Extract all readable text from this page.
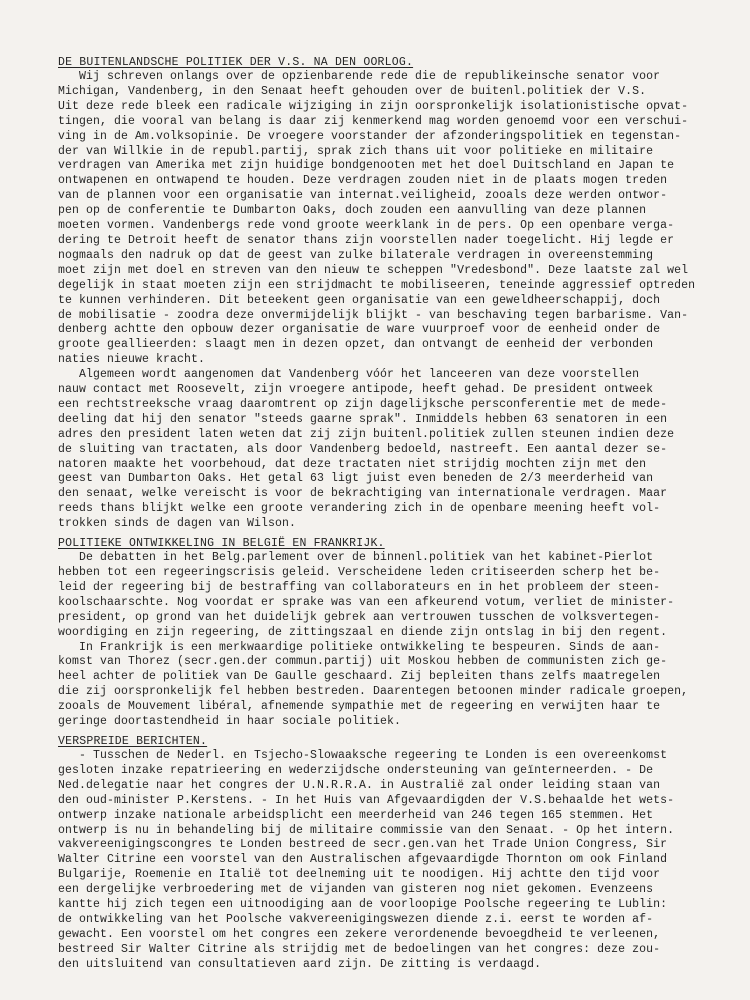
DE BUITENLANDSCHE POLITIEK DER V.S. NA DEN OORLOG.

Wij schreven onlangs over de opzienbarende rede die de republikeinsche senator voor

Michigan, Vandenberg, in den Senaat heeft gehouden over de buitenl.politiek der V.S.

Uit deze rede bleek een radicale wijziging in zijn oorspronkelijk isolationistische opvat-

tingen, die vooral van belang is daar zij kenmerkend mag worden genoemd voor een verschui-

ving in de Am.volksopinie. De vroegere voorstander der afzonderingspolitiek en tegenstan-

der van Willkie in de republ.partij, sprak zich thans uit voor politieke en militaire

verdragen van Amerika met zijn huidige bondgenooten met het doel Duitschland en Japan te

ontwapenen en ontwapend te houden. Deze verdragen zouden niet in de plaats mogen treden

van de plannen voor een organisatie van internat.veiligheid, zooals deze werden ontwor-

pen op de conferentie te Dumbarton Oaks, doch zouden een aanvulling van deze plannen

moeten vormen. Vandenbergs rede vond groote weerklank in de pers. Op een openbare verga-

dering te Detroit heeft de senator thans zijn voorstellen nader toegelicht. Hij legde er

nogmaals den nadruk op dat de geest van zulke bilaterale verdragen in overeenstemming

moet zijn met doel en streven van den nieuw te scheppen "Vredesbond". Deze laatste zal wel

degelijk in staat moeten zijn een strijdmacht te mobiliseeren, teneinde aggressief optreden

te kunnen verhinderen. Dit beteekent geen organisatie van een geweldheerschappij, doch

de mobilisatie - zoodra deze onvermijdelijk blijkt - van beschaving tegen barbarisme. Van-

denberg achtte den opbouw dezer organisatie de ware vuurproef voor de eenheid onder de

groote geallieerden: slaagt men in dezen opzet, dan ontvangt de eenheid der verbonden

naties nieuwe kracht.

Algemeen wordt aangenomen dat Vandenberg vóór het lanceeren van deze voorstellen

nauw contact met Roosevelt, zijn vroegere antipode, heeft gehad. De president ontweek

een rechtstreeksche vraag daaromtrent op zijn dagelijksche persconferentie met de mede-

deeling dat hij den senator "steeds gaarne sprak". Inmiddels hebben 63 senatoren in een

adres den president laten weten dat zij zijn buitenl.politiek zullen steunen indien deze

de sluiting van tractaten, als door Vandenberg bedoeld, nastreeft. Een aantal dezer se-

natoren maakte het voorbehoud, dat deze tractaten niet strijdig mochten zijn met den

geest van Dumbarton Oaks. Het getal 63 ligt juist even beneden de 2/3 meerderheid van

den senaat, welke vereischt is voor de bekrachtiging van internationale verdragen. Maar

reeds thans blijkt welke een groote verandering zich in de openbare meening heeft vol-

trokken sinds de dagen van Wilson.

POLITIEKE ONTWIKKELING IN BELGIË EN FRANKRIJK.

De debatten in het Belg.parlement over de binnenl.politiek van het kabinet-Pierlot

hebben tot een regeeringscrisis geleid. Verscheidene leden critiseerden scherp het be-

leid der regeering bij de bestraffing van collaborateurs en in het probleem der steen-

koolschaarschte. Nog voordat er sprake was van een afkeurend votum, verliet de minister-

president, op grond van het duidelijk gebrek aan vertrouwen tusschen de volksvertegen-

woordiging en zijn regeering, de zittingszaal en diende zijn ontslag in bij den regent.

In Frankrijk is een merkwaardige politieke ontwikkeling te bespeuren. Sinds de aan-

komst van Thorez (secr.gen.der commun.partij) uit Moskou hebben de communisten zich ge-

heel achter de politiek van De Gaulle geschaard. Zij bepleiten thans zelfs maatregelen

die zij oorspronkelijk fel hebben bestreden. Daarentegen betoonen minder radicale groepen,

zooals de Mouvement libéral, afnemende sympathie met de regeering en verwijten haar te

geringe doortastendheid in haar sociale politiek.

VERSPREIDE BERICHTEN.

- Tusschen de Nederl. en Tsjecho-Slowaaksche regeering te Londen is een overeenkomst

gesloten inzake repatrieering en wederzijdsche ondersteuning van geïnterneerden. - De

Ned.delegatie naar het congres der U.N.R.R.A. in Australië zal onder leiding staan van

den oud-minister P.Kerstens. - In het Huis van Afgevaardigden der V.S.behaalde het wets-

ontwerp inzake nationale arbeidsplicht een meerderheid van 246 tegen 165 stemmen. Het

ontwerp is nu in behandeling bij de militaire commissie van den Senaat. - Op het intern.

vakvereenigingscongres te Londen bestreed de secr.gen.van het Trade Union Congress, Sir

Walter Citrine een voorstel van den Australischen afgevaardigde Thornton om ook Finland

Bulgarije, Roemenie en Italië tot deelneming uit te noodigen. Hij achtte den tijd voor

een dergelijke verbroedering met de vijanden van gisteren nog niet gekomen. Evenzeens

kantte hij zich tegen een uitnoodiging aan de voorloopige Poolsche regeering te Lublin:

de ontwikkeling van het Poolsche vakvereenigingswezen diende z.i. eerst te worden af-

gewacht. Een voorstel om het congres een zekere verordenende bevoegdheid te verleenen,

bestreed Sir Walter Citrine als strijdig met de bedoelingen van het congres: deze zou-

den uitsluitend van consultatieven aard zijn. De zitting is verdaagd.
